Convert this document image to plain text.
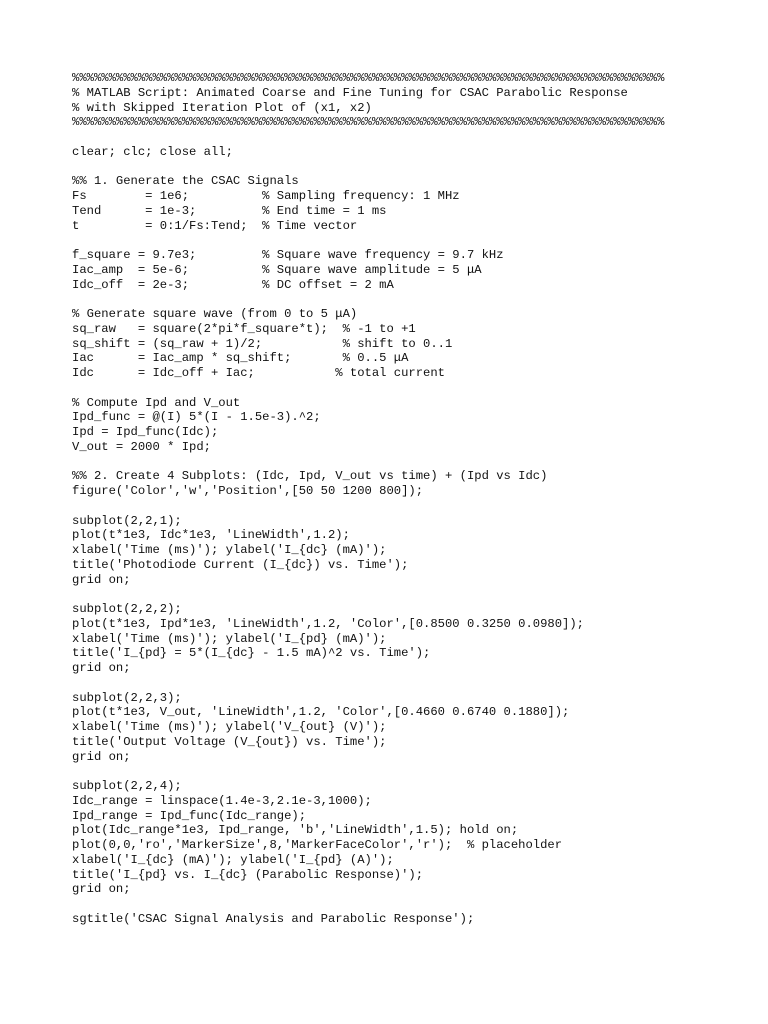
%%%%%%%%%%%%%%%%%%%%%%%%%%%%%%%%%%%%%%%%%%%%%%%%%%%%%%%%%%%%%%%%%%%%%%%%%%%%%%%%%
% MATLAB Script: Animated Coarse and Fine Tuning for CSAC Parabolic Response
% with Skipped Iteration Plot of (x1, x2)
%%%%%%%%%%%%%%%%%%%%%%%%%%%%%%%%%%%%%%%%%%%%%%%%%%%%%%%%%%%%%%%%%%%%%%%%%%%%%%%%%

clear; clc; close all;

%% 1. Generate the CSAC Signals
Fs        = 1e6;          % Sampling frequency: 1 MHz
Tend      = 1e-3;         % End time = 1 ms
t         = 0:1/Fs:Tend;  % Time vector

f_square = 9.7e3;         % Square wave frequency = 9.7 kHz
Iac_amp  = 5e-6;          % Square wave amplitude = 5 μA
Idc_off  = 2e-3;          % DC offset = 2 mA

% Generate square wave (from 0 to 5 μA)
sq_raw   = square(2*pi*f_square*t);  % -1 to +1
sq_shift = (sq_raw + 1)/2;           % shift to 0..1
Iac      = Iac_amp * sq_shift;       % 0..5 μA
Idc      = Idc_off + Iac;           % total current

% Compute Ipd and V_out
Ipd_func = @(I) 5*(I - 1.5e-3).^2;
Ipd = Ipd_func(Idc);
V_out = 2000 * Ipd;

%% 2. Create 4 Subplots: (Idc, Ipd, V_out vs time) + (Ipd vs Idc)
figure('Color','w','Position',[50 50 1200 800]);

subplot(2,2,1);
plot(t*1e3, Idc*1e3, 'LineWidth',1.2);
xlabel('Time (ms)'); ylabel('I_{dc} (mA)');
title('Photodiode Current (I_{dc}) vs. Time');
grid on;

subplot(2,2,2);
plot(t*1e3, Ipd*1e3, 'LineWidth',1.2, 'Color',[0.8500 0.3250 0.0980]);
xlabel('Time (ms)'); ylabel('I_{pd} (mA)');
title('I_{pd} = 5*(I_{dc} - 1.5 mA)^2 vs. Time');
grid on;

subplot(2,2,3);
plot(t*1e3, V_out, 'LineWidth',1.2, 'Color',[0.4660 0.6740 0.1880]);
xlabel('Time (ms)'); ylabel('V_{out} (V)');
title('Output Voltage (V_{out}) vs. Time');
grid on;

subplot(2,2,4);
Idc_range = linspace(1.4e-3,2.1e-3,1000);
Ipd_range = Ipd_func(Idc_range);
plot(Idc_range*1e3, Ipd_range, 'b','LineWidth',1.5); hold on;
plot(0,0,'ro','MarkerSize',8,'MarkerFaceColor','r');  % placeholder
xlabel('I_{dc} (mA)'); ylabel('I_{pd} (A)');
title('I_{pd} vs. I_{dc} (Parabolic Response)');
grid on;

sgtitle('CSAC Signal Analysis and Parabolic Response');
